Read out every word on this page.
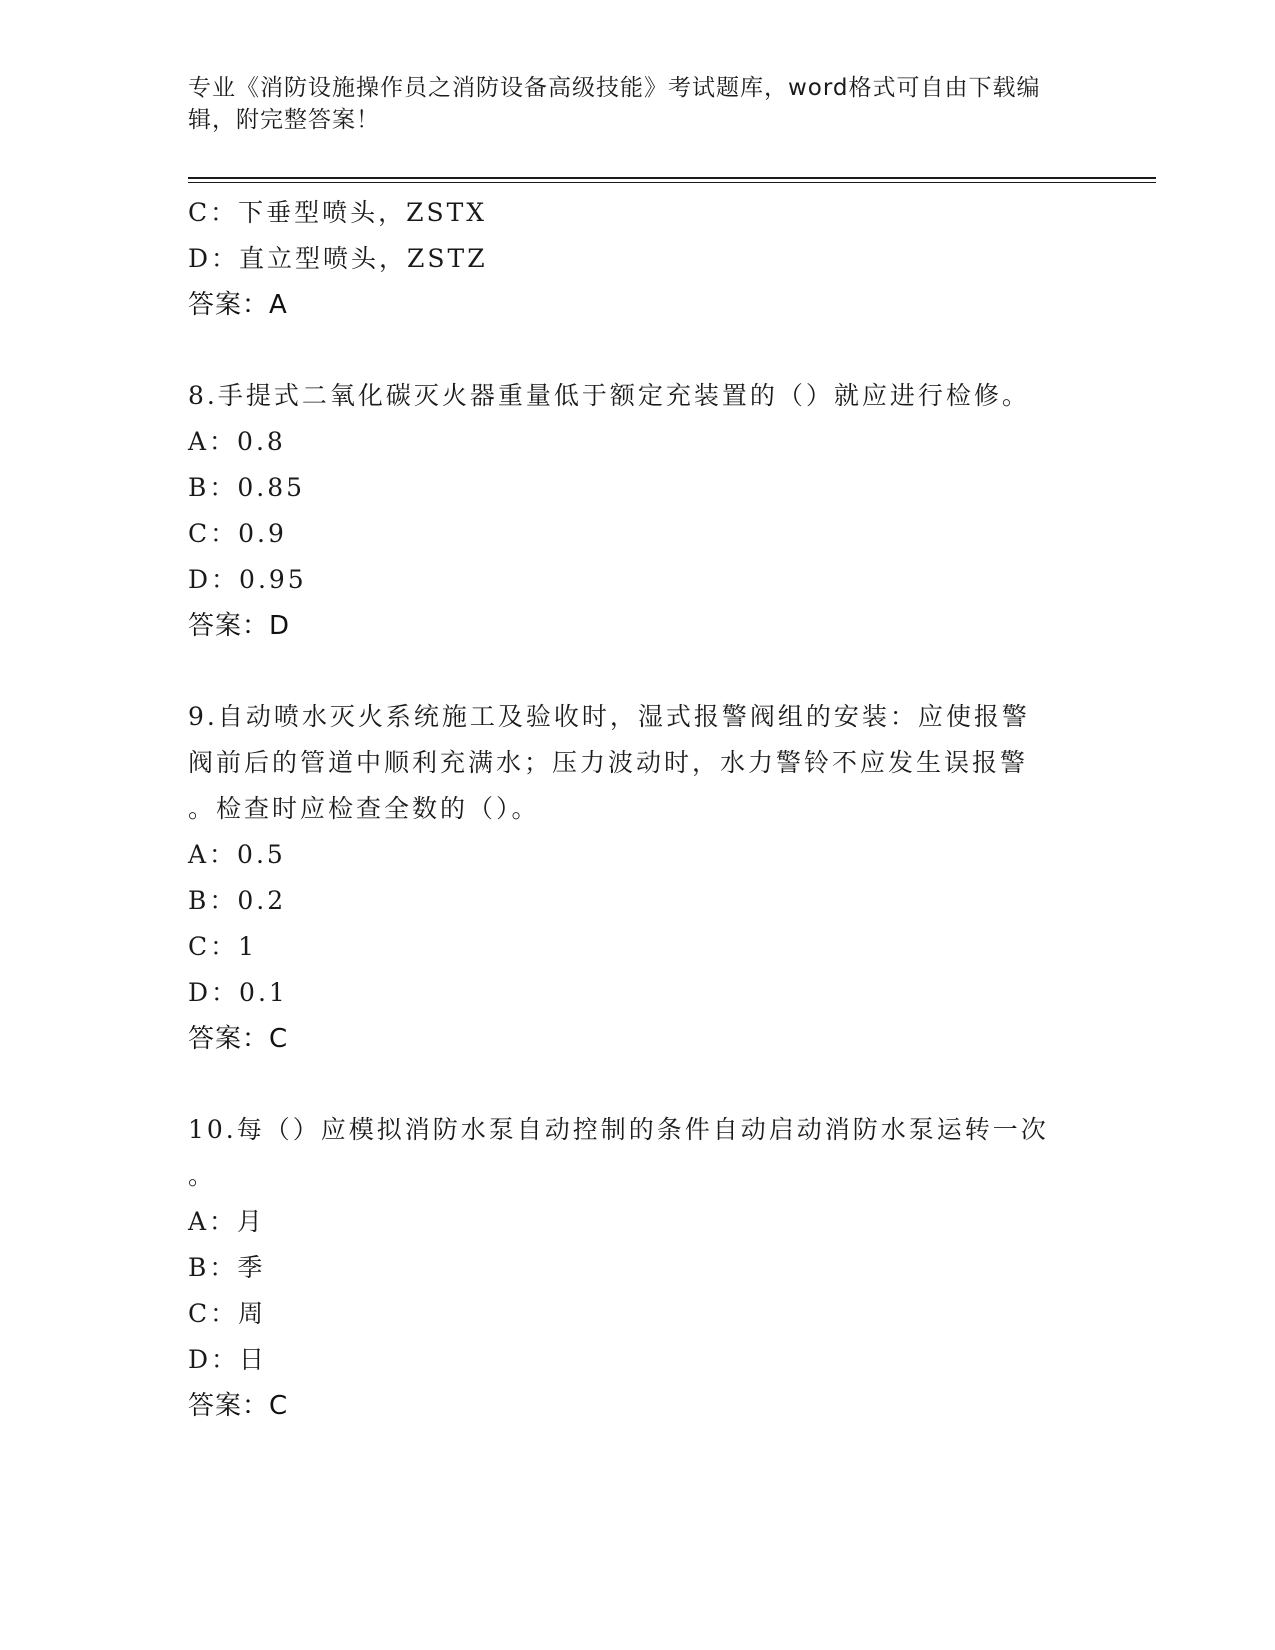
专业《消防设施操作员之消防设备高级技能》考试题库，word格式可自由下载编辑，附完整答案！
C：下垂型喷头，ZSTX
D：直立型喷头，ZSTZ
答案：A
8.手提式二氧化碳灭火器重量低于额定充装置的（）就应进行检修。
A：0.8
B：0.85
C：0.9
D：0.95
答案：D
9.自动喷水灭火系统施工及验收时，湿式报警阀组的安装：应使报警
阀前后的管道中顺利充满水；压力波动时，水力警铃不应发生误报警
。检查时应检查全数的（）。
A：0.5
B：0.2
C：1
D：0.1
答案：C
10.每（）应模拟消防水泵自动控制的条件自动启动消防水泵运转一次
。
A：月
B：季
C：周
D：日
答案：C
